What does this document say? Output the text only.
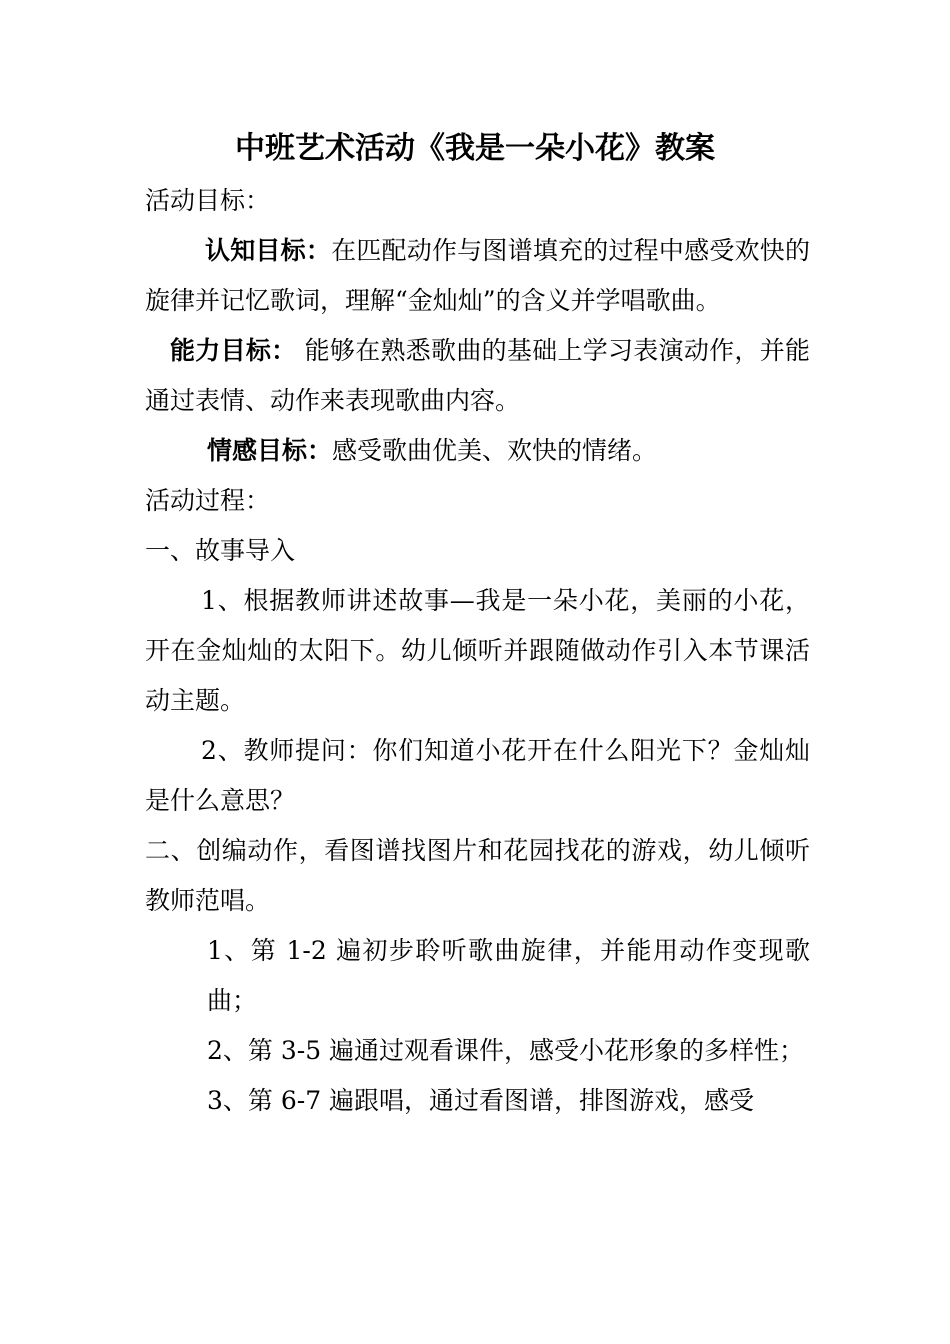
中班艺术活动《我是一朵小花》教案

活动目标：

认知目标：在匹配动作与图谱填充的过程中感受欢快的旋律并记忆歌词，理解“金灿灿”的含义并学唱歌曲。

能力目标： 能够在熟悉歌曲的基础上学习表演动作，并能通过表情、动作来表现歌曲内容。

情感目标：感受歌曲优美、欢快的情绪。

活动过程：

一、故事导入

1、根据教师讲述故事—我是一朵小花，美丽的小花，开在金灿灿的太阳下。幼儿倾听并跟随做动作引入本节课活动主题。

2、教师提问：你们知道小花开在什么阳光下？金灿灿是什么意思？

二、创编动作，看图谱找图片和花园找花的游戏，幼儿倾听教师范唱。

1、第 1-2 遍初步聆听歌曲旋律，并能用动作变现歌曲；

2、第 3-5 遍通过观看课件，感受小花形象的多样性；

3、第 6-7 遍跟唱，通过看图谱，排图游戏，感受
